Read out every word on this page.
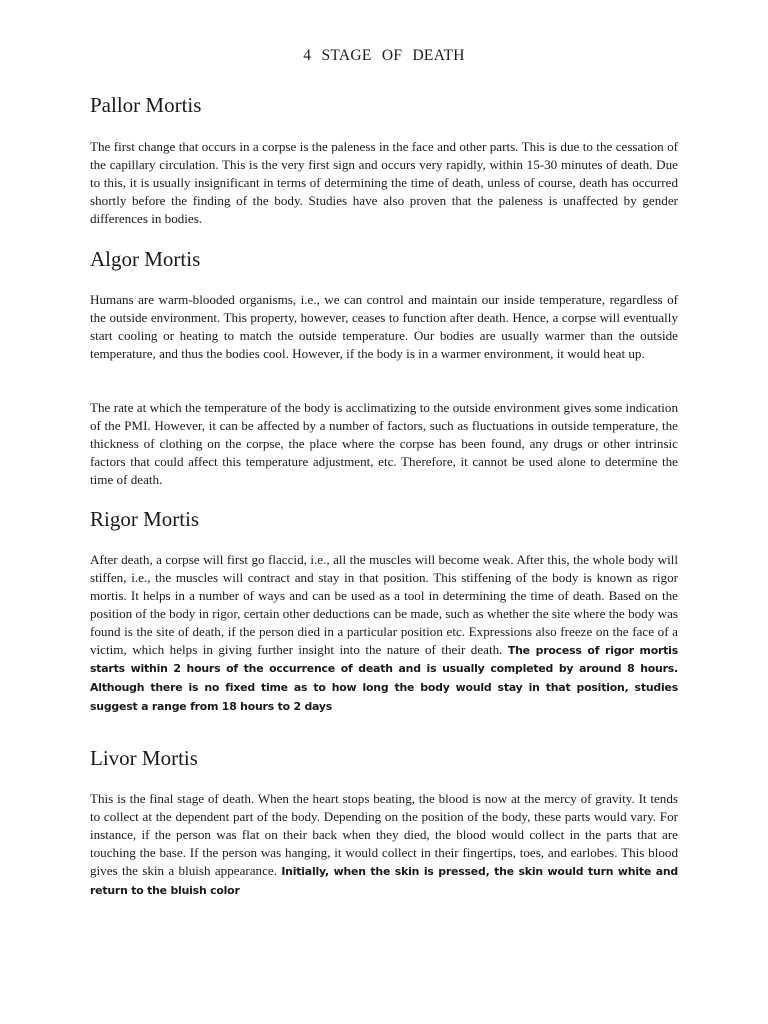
4 STAGE OF DEATH
Pallor Mortis

The first change that occurs in a corpse is the paleness in the face and other parts. This is due to the cessation of the capillary circulation. This is the very first sign and occurs very rapidly, within 15-30 minutes of death. Due to this, it is usually insignificant in terms of determining the time of death, unless of course, death has occurred shortly before the finding of the body. Studies have also proven that the paleness is unaffected by gender differences in bodies.

Algor Mortis

Humans are warm-blooded organisms, i.e., we can control and maintain our inside temperature, regardless of the outside environment. This property, however, ceases to function after death. Hence, a corpse will eventually start cooling or heating to match the outside temperature. Our bodies are usually warmer than the outside temperature, and thus the bodies cool. However, if the body is in a warmer environment, it would heat up.

The rate at which the temperature of the body is acclimatizing to the outside environment gives some indication of the PMI. However, it can be affected by a number of factors, such as fluctuations in outside temperature, the thickness of clothing on the corpse, the place where the corpse has been found, any drugs or other intrinsic factors that could affect this temperature adjustment, etc. Therefore, it cannot be used alone to determine the time of death.

Rigor Mortis

After death, a corpse will first go flaccid, i.e., all the muscles will become weak. After this, the whole body will stiffen, i.e., the muscles will contract and stay in that position. This stiffening of the body is known as rigor mortis. It helps in a number of ways and can be used as a tool in determining the time of death. Based on the position of the body in rigor, certain other deductions can be made, such as whether the site where the body was found is the site of death, if the person died in a particular position etc. Expressions also freeze on the face of a victim, which helps in giving further insight into the nature of their death. The process of rigor mortis starts within 2 hours of the occurrence of death and is usually completed by around 8 hours. Although there is no fixed time as to how long the body would stay in that position, studies suggest a range from 18 hours to 2 days

Livor Mortis

This is the final stage of death. When the heart stops beating, the blood is now at the mercy of gravity. It tends to collect at the dependent part of the body. Depending on the position of the body, these parts would vary. For instance, if the person was flat on their back when they died, the blood would collect in the parts that are touching the base. If the person was hanging, it would collect in their fingertips, toes, and earlobes. This blood gives the skin a bluish appearance. Initially, when the skin is pressed, the skin would turn white and return to the bluish color
